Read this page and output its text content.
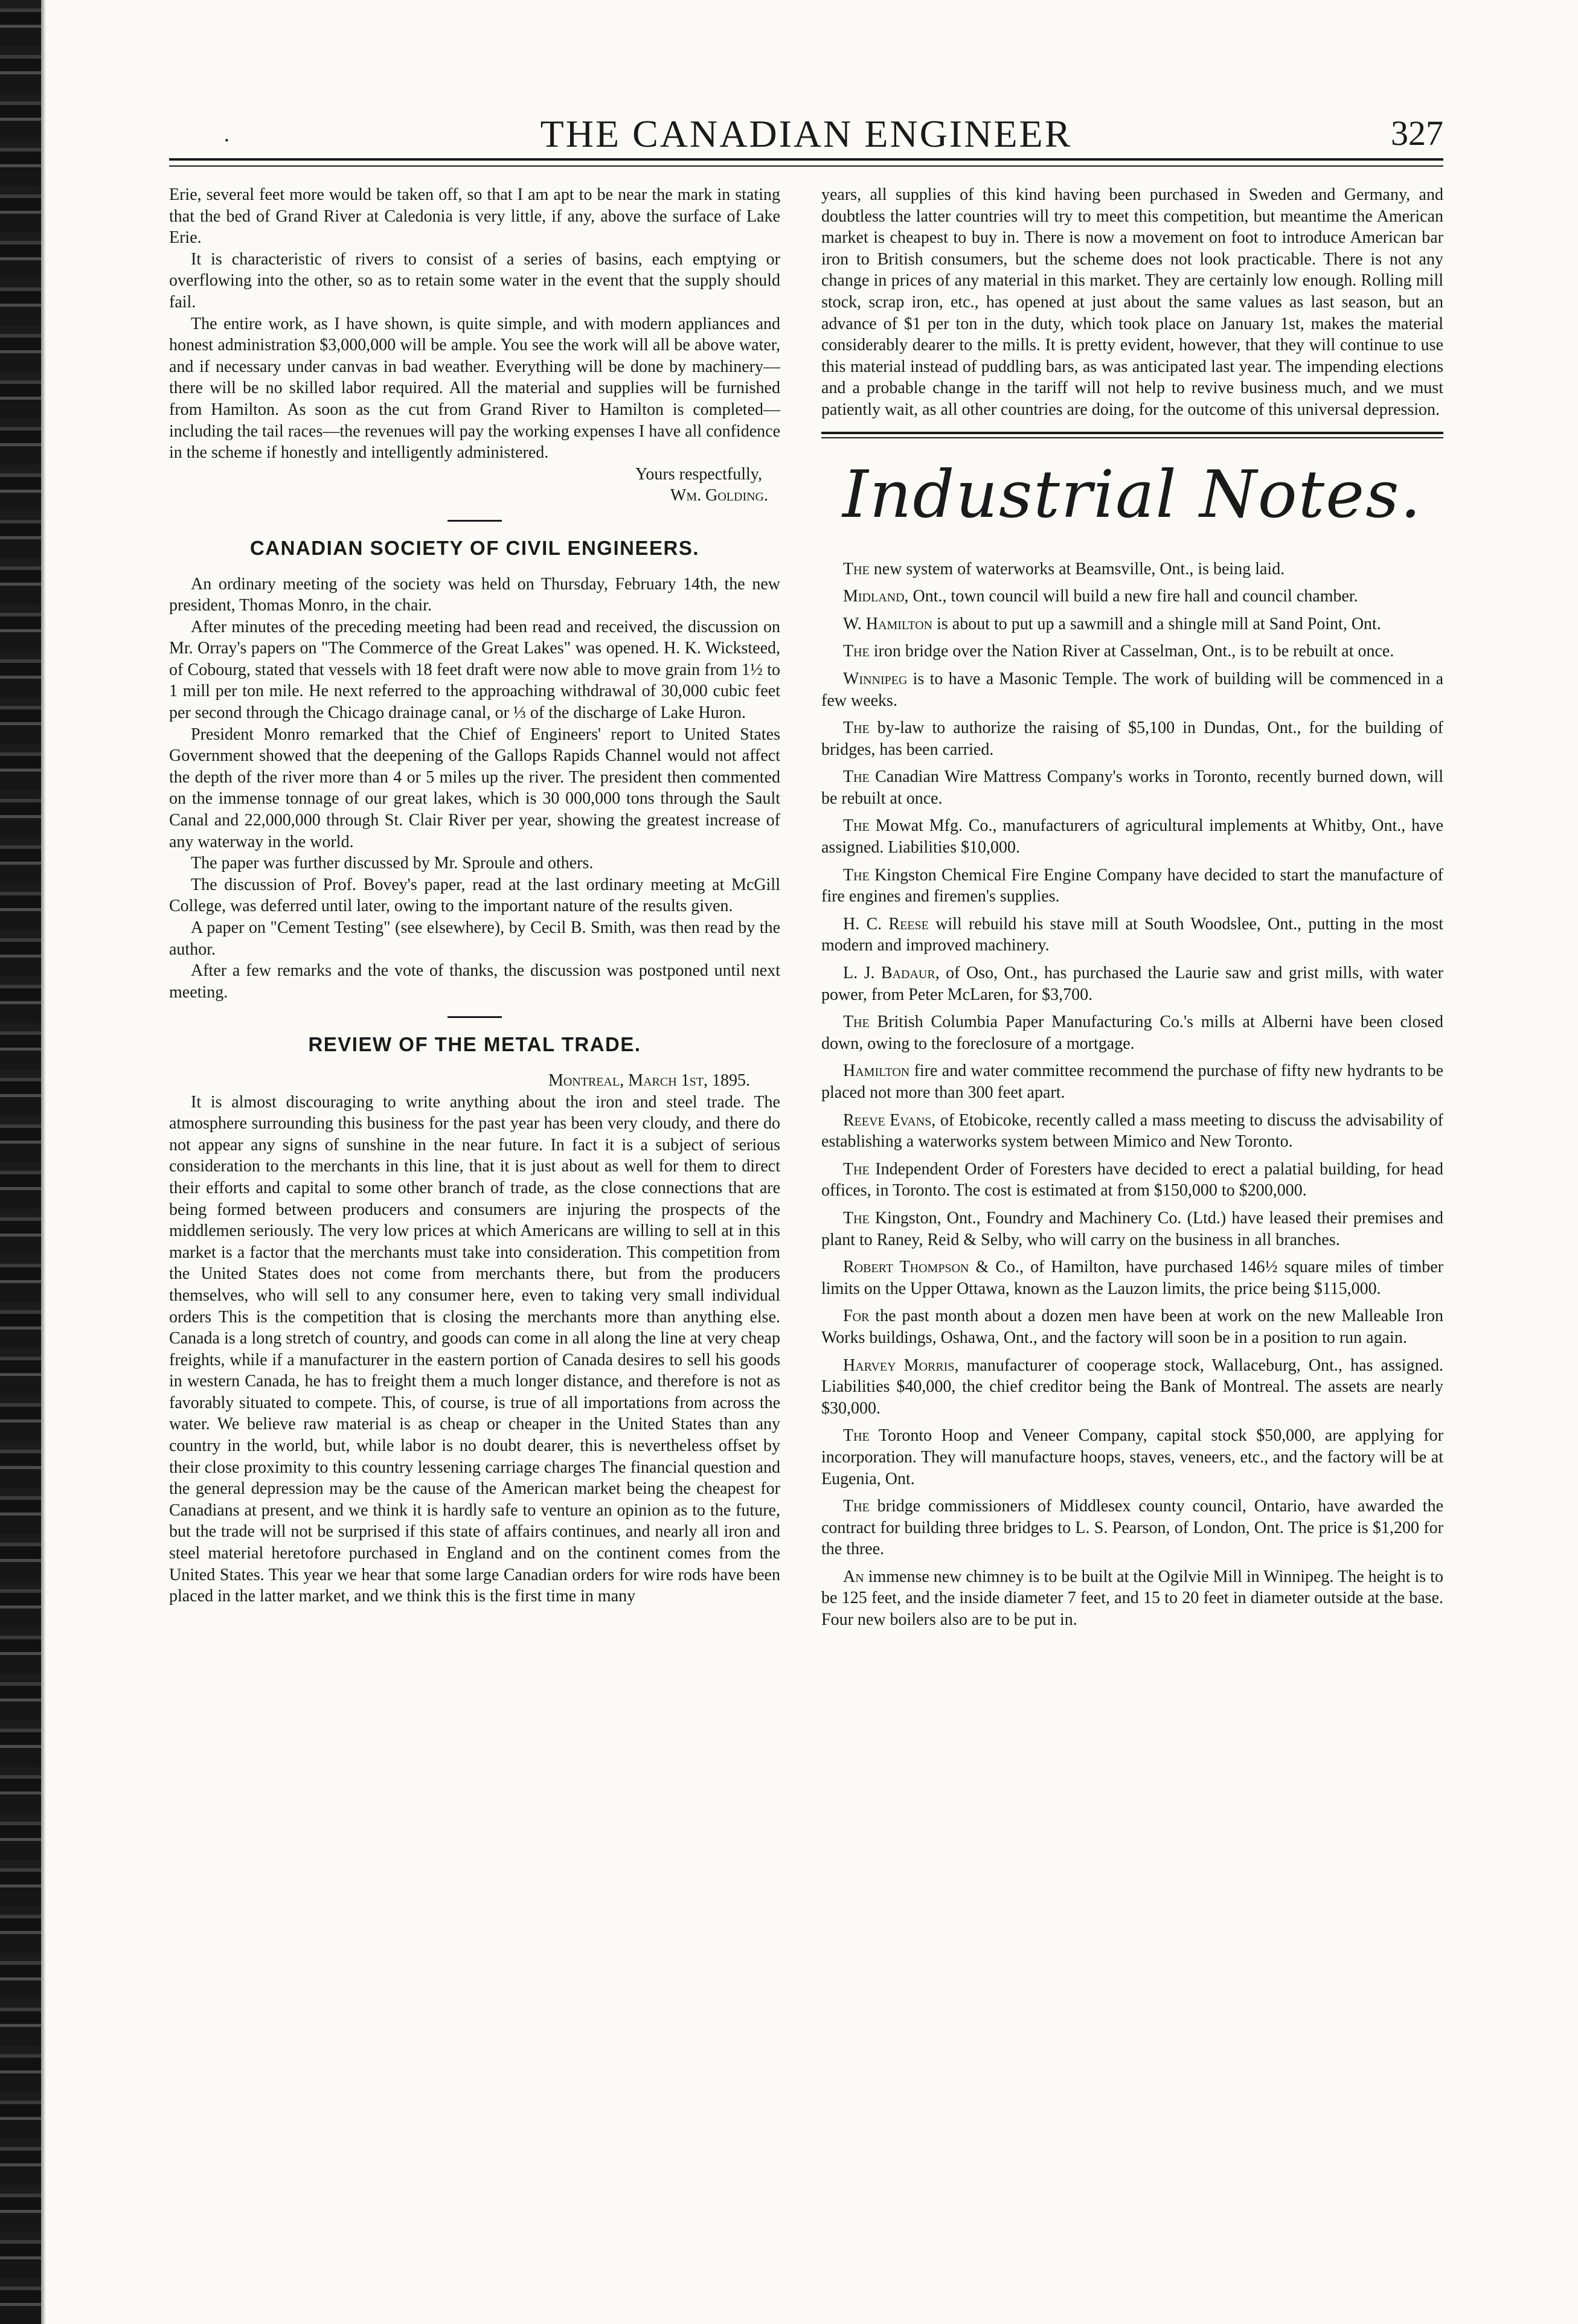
·	THE CANADIAN ENGINEER	327

Erie, several feet more would be taken off, so that I am apt to be near the mark in stating that the bed of Grand River at Caledonia is very little, if any, above the surface of Lake Erie.

It is characteristic of rivers to consist of a series of basins, each emptying or overflowing into the other, so as to retain some water in the event that the supply should fail.

The entire work, as I have shown, is quite simple, and with modern appliances and honest administration $3,000,000 will be ample. You see the work will all be above water, and if necessary under canvas in bad weather. Everything will be done by machinery—there will be no skilled labor required. All the material and supplies will be furnished from Hamilton. As soon as the cut from Grand River to Hamilton is completed—including the tail races—the revenues will pay the working expenses I have all confidence in the scheme if honestly and intelligently administered.

Yours respectfully,
Wm. Golding.
CANADIAN SOCIETY OF CIVIL ENGINEERS.

An ordinary meeting of the society was held on Thursday, February 14th, the new president, Thomas Monro, in the chair.

After minutes of the preceding meeting had been read and received, the discussion on Mr. Orray's papers on "The Commerce of the Great Lakes" was opened. H. K. Wicksteed, of Cobourg, stated that vessels with 18 feet draft were now able to move grain from 1½ to 1 mill per ton mile. He next referred to the approaching withdrawal of 30,000 cubic feet per second through the Chicago drainage canal, or ⅓ of the discharge of Lake Huron.

President Monro remarked that the Chief of Engineers' report to United States Government showed that the deepening of the Gallops Rapids Channel would not affect the depth of the river more than 4 or 5 miles up the river. The president then commented on the immense tonnage of our great lakes, which is 30 000,000 tons through the Sault Canal and 22,000,000 through St. Clair River per year, showing the greatest increase of any waterway in the world.

The paper was further discussed by Mr. Sproule and others.

The discussion of Prof. Bovey's paper, read at the last ordinary meeting at McGill College, was deferred until later, owing to the important nature of the results given.

A paper on "Cement Testing" (see elsewhere), by Cecil B. Smith, was then read by the author.

After a few remarks and the vote of thanks, the discussion was postponed until next meeting.

REVIEW OF THE METAL TRADE.
Montreal, March 1st, 1895.

It is almost discouraging to write anything about the iron and steel trade. The atmosphere surrounding this business for the past year has been very cloudy, and there do not appear any signs of sunshine in the near future. In fact it is a subject of serious consideration to the merchants in this line, that it is just about as well for them to direct their efforts and capital to some other branch of trade, as the close connections that are being formed between producers and consumers are injuring the prospects of the middlemen seriously. The very low prices at which Americans are willing to sell at in this market is a factor that the merchants must take into consideration. This competition from the United States does not come from merchants there, but from the producers themselves, who will sell to any consumer here, even to taking very small individual orders This is the competition that is closing the merchants more than anything else. Canada is a long stretch of country, and goods can come in all along the line at very cheap freights, while if a manufacturer in the eastern portion of Canada desires to sell his goods in western Canada, he has to freight them a much longer distance, and therefore is not as favorably situated to compete. This, of course, is true of all importations from across the water. We believe raw material is as cheap or cheaper in the United States than any country in the world, but, while labor is no doubt dearer, this is nevertheless offset by their close proximity to this country lessening carriage charges The financial question and the general depression may be the cause of the American market being the cheapest for Canadians at present, and we think it is hardly safe to venture an opinion as to the future, but the trade will not be surprised if this state of affairs continues, and nearly all iron and steel material heretofore purchased in England and on the continent comes from the United States. This year we hear that some large Canadian orders for wire rods have been placed in the latter market, and we think this is the first time in many

years, all supplies of this kind having been purchased in Sweden and Germany, and doubtless the latter countries will try to meet this competition, but meantime the American market is cheapest to buy in. There is now a movement on foot to introduce American bar iron to British consumers, but the scheme does not look practicable. There is not any change in prices of any material in this market. They are certainly low enough. Rolling mill stock, scrap iron, etc., has opened at just about the same values as last season, but an advance of $1 per ton in the duty, which took place on January 1st, makes the material considerably dearer to the mills. It is pretty evident, however, that they will continue to use this material instead of puddling bars, as was anticipated last year. The impending elections and a probable change in the tariff will not help to revive business much, and we must patiently wait, as all other countries are doing, for the outcome of this universal depression.

Industrial Notes.

The new system of waterworks at Beamsville, Ont., is being laid.

Midland, Ont., town council will build a new fire hall and council chamber.

W. Hamilton is about to put up a sawmill and a shingle mill at Sand Point, Ont.

The iron bridge over the Nation River at Casselman, Ont., is to be rebuilt at once.

Winnipeg is to have a Masonic Temple. The work of building will be commenced in a few weeks.

The by-law to authorize the raising of $5,100 in Dundas, Ont., for the building of bridges, has been carried.

The Canadian Wire Mattress Company's works in Toronto, recently burned down, will be rebuilt at once.

The Mowat Mfg. Co., manufacturers of agricultural implements at Whitby, Ont., have assigned. Liabilities $10,000.

The Kingston Chemical Fire Engine Company have decided to start the manufacture of fire engines and firemen's supplies.

H. C. Reese will rebuild his stave mill at South Woodslee, Ont., putting in the most modern and improved machinery.

L. J. Badaur, of Oso, Ont., has purchased the Laurie saw and grist mills, with water power, from Peter McLaren, for $3,700.

The British Columbia Paper Manufacturing Co.'s mills at Alberni have been closed down, owing to the foreclosure of a mortgage.

Hamilton fire and water committee recommend the purchase of fifty new hydrants to be placed not more than 300 feet apart.

Reeve Evans, of Etobicoke, recently called a mass meeting to discuss the advisability of establishing a waterworks system between Mimico and New Toronto.

The Independent Order of Foresters have decided to erect a palatial building, for head offices, in Toronto. The cost is estimated at from $150,000 to $200,000.

The Kingston, Ont., Foundry and Machinery Co. (Ltd.) have leased their premises and plant to Raney, Reid & Selby, who will carry on the business in all branches.

Robert Thompson & Co., of Hamilton, have purchased 146½ square miles of timber limits on the Upper Ottawa, known as the Lauzon limits, the price being $115,000.

For the past month about a dozen men have been at work on the new Malleable Iron Works buildings, Oshawa, Ont., and the factory will soon be in a position to run again.

Harvey Morris, manufacturer of cooperage stock, Wallaceburg, Ont., has assigned. Liabilities $40,000, the chief creditor being the Bank of Montreal. The assets are nearly $30,000.

The Toronto Hoop and Veneer Company, capital stock $50,000, are applying for incorporation. They will manufacture hoops, staves, veneers, etc., and the factory will be at Eugenia, Ont.

The bridge commissioners of Middlesex county council, Ontario, have awarded the contract for building three bridges to L. S. Pearson, of London, Ont. The price is $1,200 for the three.

An immense new chimney is to be built at the Ogilvie Mill in Winnipeg. The height is to be 125 feet, and the inside diameter 7 feet, and 15 to 20 feet in diameter outside at the base. Four new boilers also are to be put in.
